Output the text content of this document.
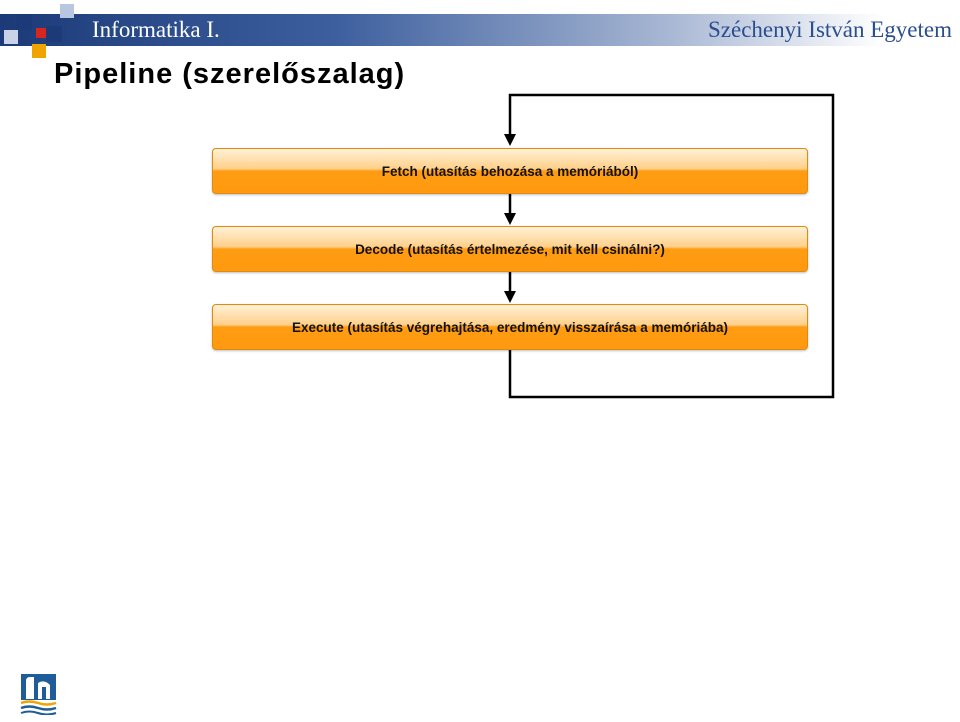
Informatika I.	Széchenyi István Egyetem
Pipeline (szerelőszalag)
Fetch (utasítás behozása a memóriából)
Decode (utasítás értelmezése, mit kell csinálni?)
Execute (utasítás végrehajtása, eredmény visszaírása a memóriába)
